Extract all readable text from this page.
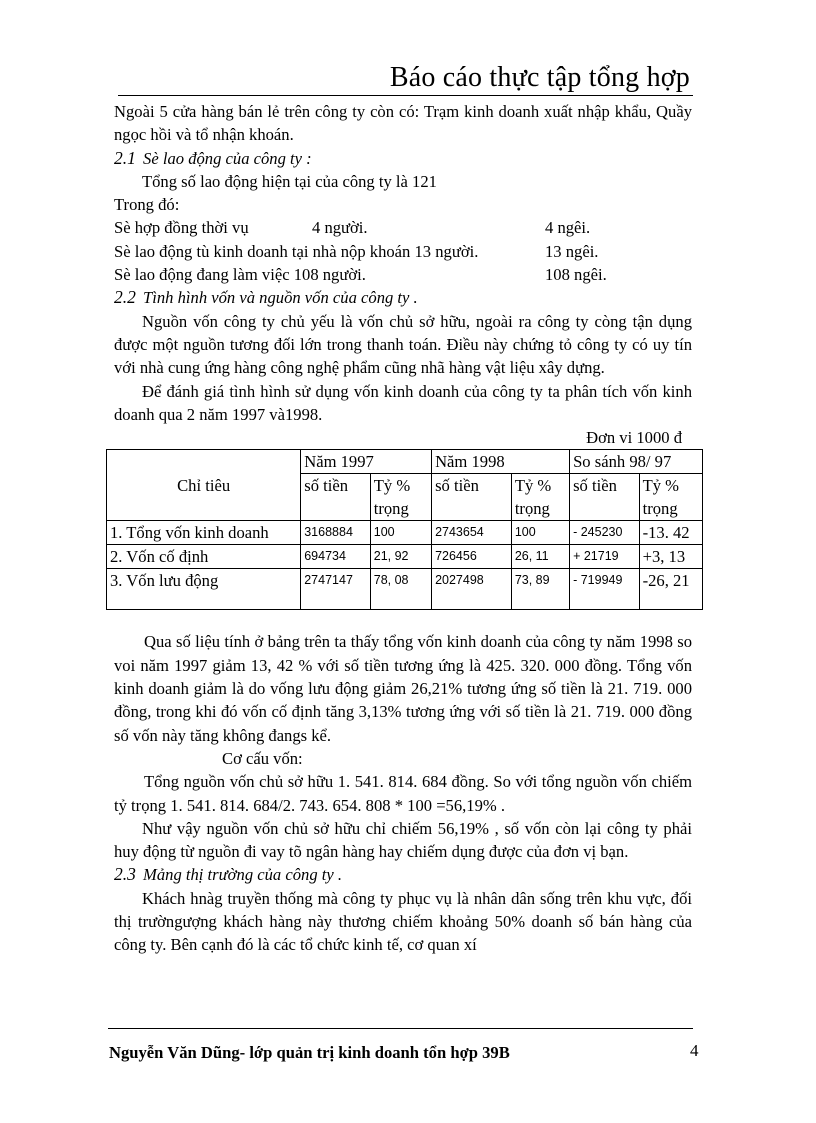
Báo cáo thực tập tổng hợp

Ngoài 5 cửa hàng bán lẻ trên công ty còn có: Trạm kinh doanh xuất nhập khẩu, Quầy ngọc hồi và tổ nhận khoán.

2.1 Sè lao động của công ty :

Tổng số lao động hiện tại của công ty là 121

Trong đó:

Sè hợp đồng thời vụ	4 người.	4 ngêi.
Sè lao động tù kinh doanh tại nhà nộp khoán 13 người.	13 ngêi.
Sè lao động đang làm việc 108 người.	108 ngêi.

2.2 Tình hình vốn và nguồn vốn của công ty .

Nguồn vốn công ty chủ yếu là vốn chủ sở hữu, ngoài ra công ty còng tận dụng được một nguồn tương đối lớn trong thanh toán. Điều này chứng tỏ công ty có uy tín với nhà cung ứng hàng công nghệ phẩm cũng nhã hàng vật liệu xây dựng.

Để đánh giá tình hình sử dụng vốn kinh doanh của công ty ta phân tích vốn kinh doanh qua 2 năm 1997 và1998.

Đơn vi 1000 đ

Chỉ tiêu	Năm 1997		Năm 1998		So sánh 98/ 97	
	số tiền	Tỷ % trọng	số tiền	Tỷ % trọng	số tiền	Tỷ % trọng
1. Tổng vốn kinh doanh	3168884	100	2743654	100	- 245230	-13. 42
2. Vốn cố định	694734	21, 92	726456	26, 11	+ 21719	+3, 13
3. Vốn lưu động	2747147	78, 08	2027498	73, 89	- 719949	-26, 21

Qua số liệu tính ở bảng trên ta thấy tổng vốn kinh doanh của công ty năm 1998 so voi năm 1997 giảm 13, 42 % với số tiền tương ứng là 425. 320. 000 đồng. Tổng vốn kinh doanh giảm là do vống lưu động giảm 26,21% tương ứng số tiền là 21. 719. 000 đồng, trong khi đó vốn cố định tăng 3,13% tương ứng với số tiền là 21. 719. 000 đồng số vốn này tăng không đangs kể.

Cơ cấu vốn:

Tổng nguồn vốn chủ sở hữu 1. 541. 814. 684 đồng. So với tổng nguồn vốn chiếm tỷ trọng 1. 541. 814. 684/2. 743. 654. 808 * 100 =56,19% .

Như vậy nguồn vốn chủ sở hữu chỉ chiếm 56,19% , số vốn còn lại công ty phải huy động từ nguồn đi vay tõ ngân hàng hay chiếm dụng được của đơn vị bạn.

2.3 Mảng thị trường của công ty .

Khách hnàg truyền thống mà công ty phục vụ là nhân dân sống trên khu vực, đối thị trườngượng khách hàng này thương chiếm khoảng 50% doanh số bán hàng của công ty. Bên cạnh đó là các tổ chức kinh tế, cơ quan xí

Nguyễn Văn Dũng- lớp quản trị kinh doanh tổn hợp 39B	4
